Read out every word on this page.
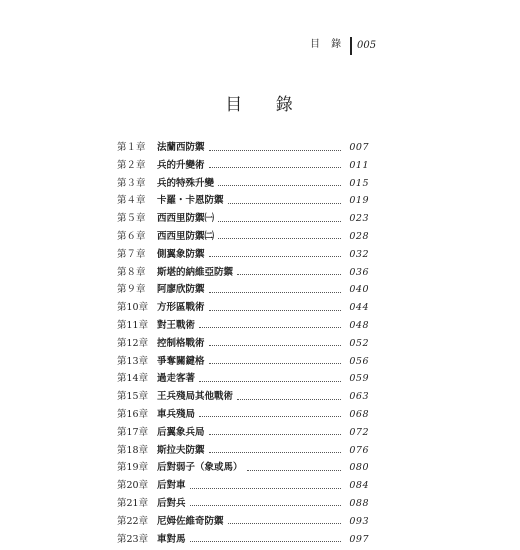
目 錄 005
目 錄
第１章	法蘭西防禦	007
第２章	兵的升變術	011
第３章	兵的特殊升變	015
第４章	卡羅・卡恩防禦	019
第５章	西西里防禦㈠	023
第６章	西西里防禦㈡	028
第７章	側翼象防禦	032
第８章	斯堪的納維亞防禦	036
第９章	阿廖欣防禦	040
第10章 方形區戰術	044
第11章 對王戰術	048
第12章 控制格戰術	052
第13章 爭奪關鍵格	056
第14章 過走客著	059
第15章 王兵殘局其他戰術	063
第16章 車兵殘局	068
第17章 后翼象兵局	072
第18章 斯拉夫防禦	076
第19章 后對弱子（象或馬）	080
第20章 后對車	084
第21章 后對兵	088
第22章 尼姆佐維奇防禦	093
第23章 車對馬	097
